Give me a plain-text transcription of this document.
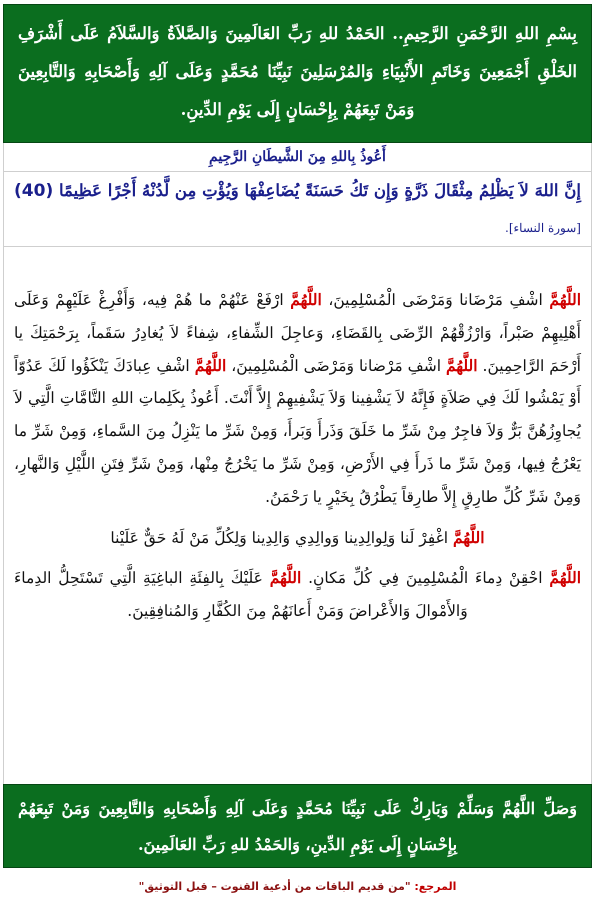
بِسْمِ اللهِ الرَّحْمَنِ الرَّحِيمِ.. الحَمْدُ للهِ رَبِّ العَالَمِينَ وَالصَّلاَةُ وَالسَّلاَمُ عَلَى أَشْرَفِ الخَلْقِ أَجْمَعِينَ وَخَاتَمِ الأَنْبِيَاءِ وَالمُرْسَلِينَ نَبِيِّنَا مُحَمَّدٍ وَعَلَى آلِهِ وَأَصْحَابِهِ وَالتَّابِعِينَ وَمَنْ تَبِعَهُمْ بِإِحْسَانٍ إِلَى يَوْمِ الدِّينِ.
أَعُوذُ بِاللهِ مِنَ الشَّيطَانِ الرَّجِيمِ
إِنَّ اللهَ لاَ يَظْلِمُ مِثْقَالَ ذَرَّةٍ وَإِن تَكُ حَسَنَةً يُضَاعِفْهَا وَيُؤْتِ مِن لَّدُنْهُ أَجْرًا عَظِيمًا (40) [سورة النساء].

اللَّهُمَّ اشْفِ مَرْضَانا وَمَرْضَى الْمُسْلِمِينَ، اللَّهُمَّ ارْفَعْ عَنْهُمْ ما هُمْ فِيه، وَأَفْرِغْ عَلَيْهِمْ وَعَلَى أَهْلِيهِمْ صَبْراً، وَارْزُقْهُمْ الرِّضَى بِالقَضَاءِ، وَعاجِلَ الشِّفاءِ، شِفاءً لاَ يُغادِرُ سَقَماً، بِرَحْمَتِكَ يا أَرْحَمَ الرَّاحِمِينَ. اللَّهُمَّ اشْفِ مَرْضانا وَمَرْضَى الْمُسْلِمِينَ، اللَّهُمَّ اشْفِ عِبادَكَ يَنْكَؤُوا لَكَ عَدُوّاً أَوْ يَمْشُوا لَكَ فِي صَلاَةٍ فَإِنَّهُ لاَ يَشْفِينا وَلاَ يَشْفِيهِمْ إِلاَّ أَنْتَ. أَعُوذُ بِكَلِماتِ اللهِ التَّامَّاتِ الَّتِي لاَ يُجاوِزُهُنَّ بَرٌّ وَلاَ فاجِرٌ مِنْ شَرِّ ما خَلَقَ وَذَرأَ وَبَرأَ، وَمِنْ شَرِّ ما يَنْزِلُ مِنَ السَّماءِ، وَمِنْ شَرِّ ما يَعْرُجُ فِيها، وَمِنْ شَرِّ ما ذَرأَ فِي الأَرْضِ، وَمِنْ شَرِّ ما يَخْرُجُ مِنْها، وَمِنْ شَرِّ فِتَنِ اللَّيْلِ وَالنَّهارِ، وَمِنْ شَرِّ كُلِّ طارِقٍ إِلاَّ طارِقاً يَطْرُقُ بِخَيْرٍ يا رَحْمَنُ.

اللَّهُمَّ اغْفِرْ لَنا وَلِوالِدِينا وَوالِدِي وَالِدِينا وَلِكُلِّ مَنْ لَهُ حَقٌّ عَلَيْنا

اللَّهُمَّ احْقِنْ دِماءَ الْمُسْلِمِينَ فِي كُلِّ مَكانٍ. اللَّهُمَّ عَلَيْكَ بِالفِئَةِ الباغِيَةِ الَّتِي تَسْتَحِلُّ الدِماءَ وَالأَمْوالَ وَالأَعْراضَ وَمَنْ أَعانَهُمْ مِنَ الكُفَّارِ وَالمُنافِقِينَ.

وَصَلِّ اللَّهُمَّ وَسَلِّمْ وَبَارِكْ عَلَى نَبِيِّنَا مُحَمَّدٍ وَعَلَى آلِهِ وَأَصْحَابِهِ وَالتَّابِعِينَ وَمَنْ تَبِعَهُمْ بِإِحْسَانٍ إِلَى يَوْمِ الدِّينِ، وَالحَمْدُ للهِ رَبِّ العَالَمِينَ.
المرجع: "من قديم الباقات من أدعية القنوت – قبل التوثيق"
